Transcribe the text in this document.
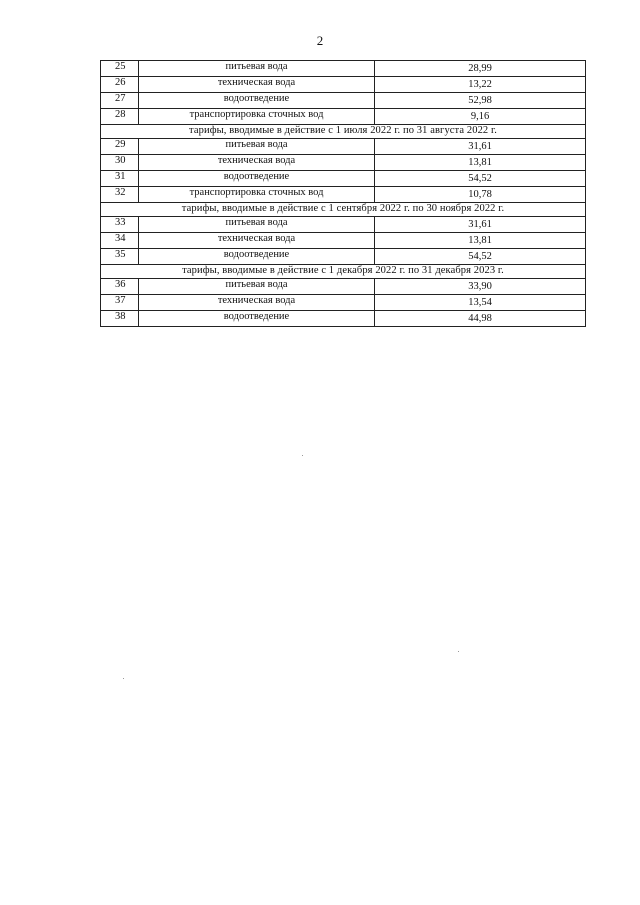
2
25	питьевая вода	28,99
26	техническая вода	13,22
27	водоотведение	52,98
28	транспортировка сточных вод	9,16
тарифы, вводимые в действие с 1 июля 2022 г. по 31 августа 2022 г.		
29	питьевая вода	31,61
30	техническая вода	13,81
31	водоотведение	54,52
32	транспортировка сточных вод	10,78
тарифы, вводимые в действие с 1 сентября 2022 г. по 30 ноября 2022 г.		
33	питьевая вода	31,61
34	техническая вода	13,81
35	водоотведение	54,52
тарифы, вводимые в действие с 1 декабря 2022 г. по 31 декабря 2023 г.		
36	питьевая вода	33,90
37	техническая вода	13,54
38	водоотведение	44,98
